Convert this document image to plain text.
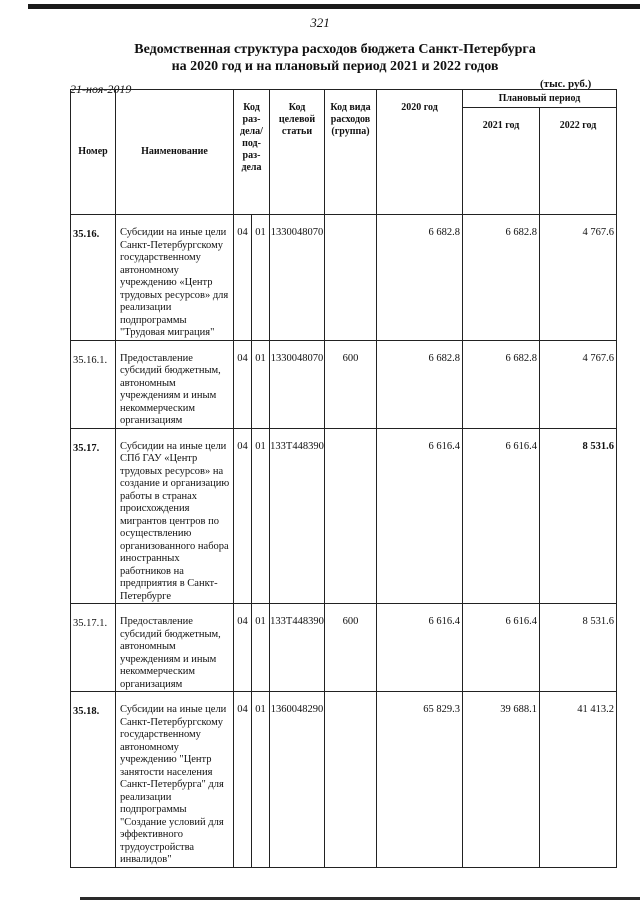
321
Ведомственная структура расходов бюджета Санкт-Петербурга
на 2020 год и на плановый период 2021 и 2022 годов
21-ноя-2019	(тыс. руб.)
Номер	Наименование	Код раз-дела/ под-раз-дела		Код целевой статьи	Код вида расходов (группа)	2020 год	Плановый период	
							2021 год	2022 год
35.16.	Субсидии на иные цели Санкт-Петербургскому государственному автономному учреждению «Центр трудовых ресурсов» для реализации подпрограммы "Трудовая миграция"	04	01	1330048070		6 682.8	6 682.8	4 767.6
35.16.1.	Предоставление субсидий бюджетным, автономным учреждениям и иным некоммерческим организациям	04	01	1330048070	600	6 682.8	6 682.8	4 767.6
35.17.	Субсидии на иные цели СПб ГАУ «Центр трудовых ресурсов» на создание и организацию работы в странах происхождения мигрантов центров по осуществлению организованного набора иностранных работников на предприятия в Санкт-Петербурге	04	01	133Т448390		6 616.4	6 616.4	8 531.6
35.17.1.	Предоставление субсидий бюджетным, автономным учреждениям и иным некоммерческим организациям	04	01	133Т448390	600	6 616.4	6 616.4	8 531.6
35.18.	Субсидии на иные цели Санкт-Петербургскому государственному автономному учреждению "Центр занятости населения Санкт-Петербурга" для реализации подпрограммы "Создание условий для эффективного трудоустройства инвалидов"	04	01	1360048290		65 829.3	39 688.1	41 413.2
